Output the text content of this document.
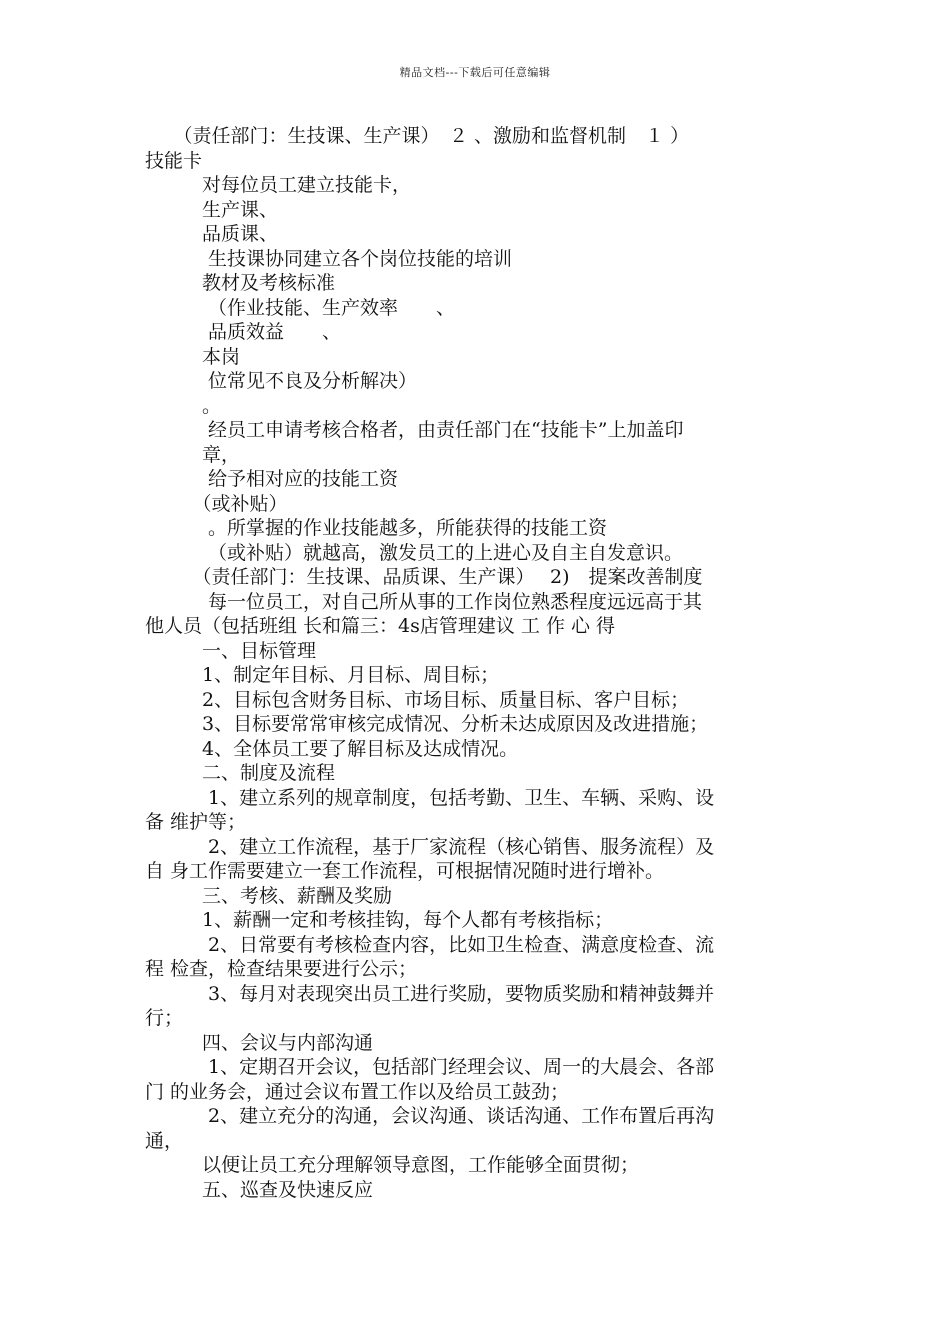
精品文档---下载后可任意编辑
　　（责任部门：生技课、生产课）　２ 、激励和监督机制　１ ）
技能卡
　　　对每位员工建立技能卡，
　　　生产课、
　　　品质课、
　　　 生技课协同建立各个岗位技能的培训
　　　教材及考核标准
　　　 （作业技能、生产效率　　、
　　　 品质效益　　、
　　　本岗
　　　 位常见不良及分析解决）
　　　。
　　　 经员工申请考核合格者，由责任部门在“技能卡”上加盖印
　　　章，
　　　 给予相对应的技能工资
　　　（或补贴）
　　　 。所掌握的作业技能越多，所能获得的技能工资
　　　 （或补贴）就越高，激发员工的上进心及自主自发意识。
　　　（责任部门：生技课、品质课、生产课）　 2)　提案改善制度
　　　 每一位员工，对自己所从事的工作岗位熟悉程度远远高于其
他人员（包括班组 长和篇三：4s店管理建议 工 作 心 得
　　　一、目标管理
　　　1、制定年目标、月目标、周目标；
　　　2、目标包含财务目标、市场目标、质量目标、客户目标；
　　　3、目标要常常审核完成情况、分析未达成原因及改进措施；
　　　4、全体员工要了解目标及达成情况。
　　　二、制度及流程
　　　 1、建立系列的规章制度，包括考勤、卫生、车辆、采购、设
备 维护等；
　　　 2、建立工作流程，基于厂家流程（核心销售、服务流程）及
自 身工作需要建立一套工作流程，可根据情况随时进行增补。
　　　三、考核、薪酬及奖励
　　　1、薪酬一定和考核挂钩，每个人都有考核指标；
　　　 2、日常要有考核检查内容，比如卫生检查、满意度检查、流
程 检查，检查结果要进行公示；
　　　 3、每月对表现突出员工进行奖励，要物质奖励和精神鼓舞并
行；
　　　四、会议与内部沟通
　　　 1、定期召开会议，包括部门经理会议、周一的大晨会、各部
门 的业务会，通过会议布置工作以及给员工鼓劲；
　　　 2、建立充分的沟通，会议沟通、谈话沟通、工作布置后再沟
通，
　　　以便让员工充分理解领导意图，工作能够全面贯彻；
　　　五、巡查及快速反应
